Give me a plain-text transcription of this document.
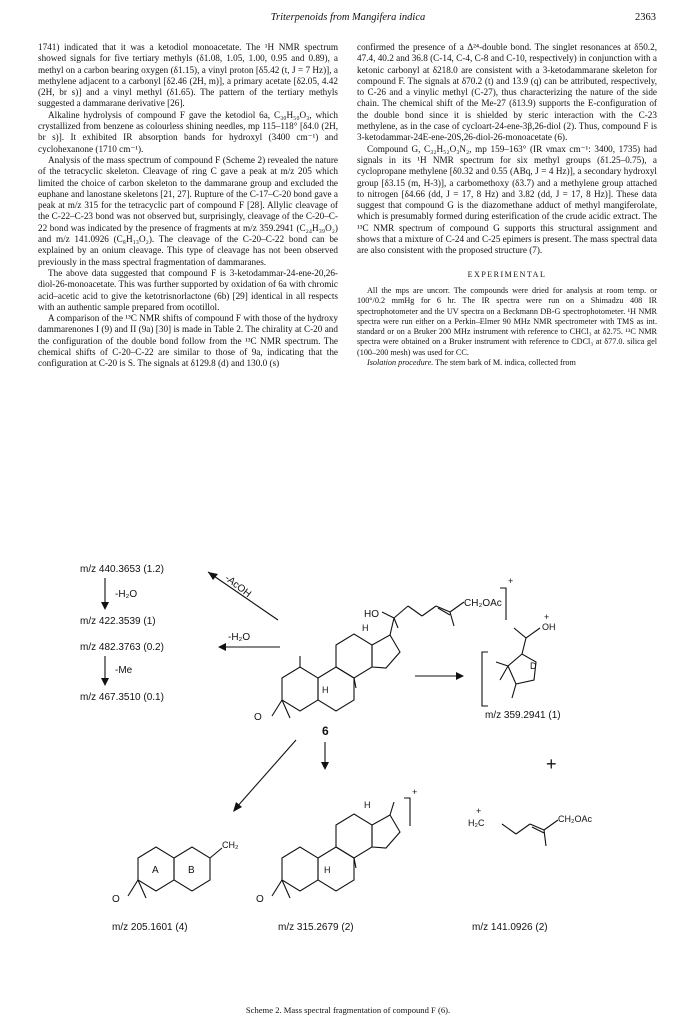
Triterpenoids from Mangifera indica	2363

1741) indicated that it was a ketodiol monoacetate. The ¹H NMR spectrum showed signals for five tertiary methyls (δ1.08, 1.05, 1.00, 0.95 and 0.89), a methyl on a carbon bearing oxygen (δ1.15), a vinyl proton [δ5.42 (t, J = 7 Hz)], a methylene adjacent to a carbonyl [δ2.46 (2H, m)], a primary acetate [δ2.05, 4.42 (2H, br s)] and a vinyl methyl (δ1.65). The pattern of the tertiary methyls suggested a dammarane derivative [26].

Alkaline hydrolysis of compound F gave the ketodiol 6a, C₃₀H₅₀O₃, which crystallized from benzene as colourless shining needles, mp 115–118° [δ4.0 (2H, br s)]. It exhibited IR absorption bands for hydroxyl (3400 cm⁻¹) and cyclohexanone (1710 cm⁻¹).

Analysis of the mass spectrum of compound F (Scheme 2) revealed the nature of the tetracyclic skeleton. Cleavage of ring C gave a peak at m/z 205 which limited the choice of carbon skeleton to the dammarane group and excluded the euphane and lanostane skeletons [21, 27]. Rupture of the C-17–C-20 bond gave a peak at m/z 315 for the tetracyclic part of compound F [28]. Allylic cleavage of the C-22–C-23 bond was not observed but, surprisingly, cleavage of the C-20–C-22 bond was indicated by the presence of fragments at m/z 359.2941 (C₂₄H₃₉O₂) and m/z 141.0926 (C₈H₁₃O₂). The cleavage of the C-20–C-22 bond can be explained by an onium cleavage. This type of cleavage has not been observed previously in the mass spectral fragmentation of dammaranes.

The above data suggested that compound F is 3-ketodammar-24-ene-20,26-diol-26-monoacetate. This was further supported by oxidation of 6a with chromic acid–acetic acid to give the ketotrisnorlactone (6b) [29] identical in all respects with an authentic sample prepared from ocotillol.

A comparison of the ¹³C NMR shifts of compound F with those of the hydroxy dammarenones I (9) and II (9a) [30] is made in Table 2. The chirality at C-20 and the configuration of the double bond follow from the ¹³C NMR spectrum. The chemical shifts of C-20–C-22 are similar to those of 9a, indicating that the configuration at C-20 is S. The signals at δ129.8 (d) and 130.0 (s)

confirmed the presence of a Δ²⁴-double bond. The singlet resonances at δ50.2, 47.4, 40.2 and 36.8 (C-14, C-4, C-8 and C-10, respectively) in conjunction with a ketonic carbonyl at δ218.0 are consistent with a 3-ketodammarane skeleton for compound F. The signals at δ70.2 (t) and 13.9 (q) can be attributed, respectively, to C-26 and a vinylic methyl (C-27), thus characterizing the nature of the side chain. The chemical shift of the Me-27 (δ13.9) supports the E-configuration of the double bond since it is shielded by steric interaction with the C-23 methylene, as in the case of cycloart-24-ene-3β,26-diol (2). Thus, compound F is 3-ketodammar-24E-ene-20S,26-diol-26-monoacetate (6).

Compound G, C₃₂H₅₂O₃N₂, mp 159–163° (IR νmax cm⁻¹: 3400, 1735) had signals in its ¹H NMR spectrum for six methyl groups (δ1.25–0.75), a cyclopropane methylene [δ0.32 and 0.55 (ABq, J = 4 Hz)], a secondary hydroxyl group [δ3.15 (m, H-3)], a carbomethoxy (δ3.7) and a methylene group attached to nitrogen [δ4.66 (dd, J = 17, 8 Hz) and 3.82 (dd, J = 17, 8 Hz)]. These data suggest that compound G is the diazomethane adduct of methyl mangiferolate, which is presumably formed during esterification of the crude acidic extract. The ¹³C NMR spectrum of compound G supports this structural assignment and shows that a mixture of C-24 and C-25 epimers is present. The mass spectral data are also consistent with the proposed structure (7).

EXPERIMENTAL

All the mps are uncorr. The compounds were dried for analysis at room temp. or 100°/0.2 mmHg for 6 hr. The IR spectra were run on a Shimadzu 408 IR spectrophotometer and the UV spectra on a Beckmann DB-G spectrophotometer. ¹H NMR spectra were run either on a Perkin–Elmer 90 MHz NMR spectrometer with TMS as int. standard or on a Bruker 200 MHz instrument with reference to CHCl₃ at δ2.75. ¹³C NMR spectra were obtained on a Bruker instrument with reference to CDCl₃ at δ77.0. silica gel (100–200 mesh) was used for CC.

Isolation procedure. The stem bark of M. indica, collected from

m/z 440.3653 (1.2)
-H₂O
m/z 422.3539 (1)
m/z 482.3763 (0.2)
-Me
m/z 467.3510 (0.1)
-AcOH
-H₂O
HO
CH₂OAc
H
H
O
+
6
D
OH
+
m/z 359.2941 (1)
+
A	B
CH₂
O
m/z 205.1601 (4)
H
H
+
O
m/z 315.2679 (2)
H₂C
+
CH₂OAc
m/z 141.0926 (2)
Scheme 2. Mass spectral fragmentation of compound F (6).
